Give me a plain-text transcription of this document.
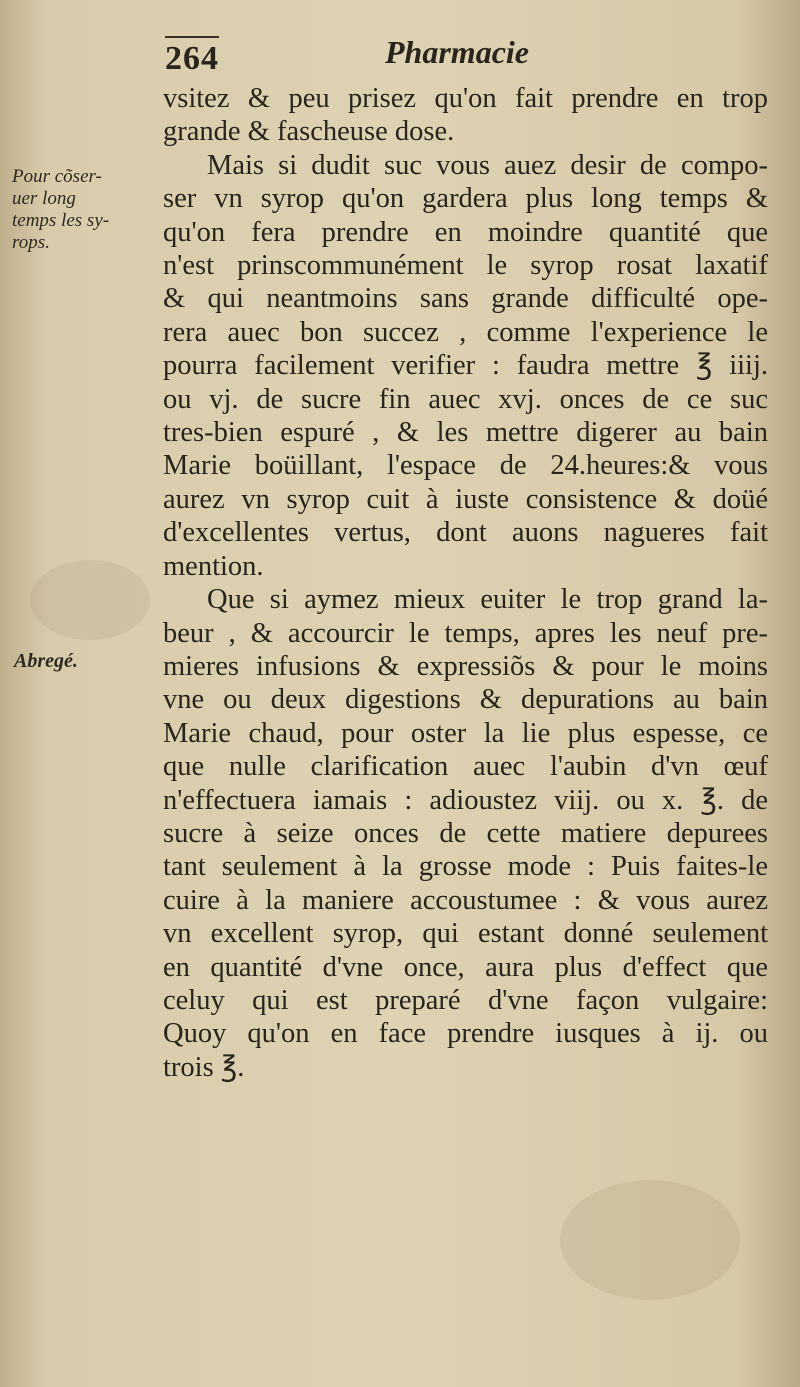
264	Pharmacie
Pour cõser-
uer long
temps les sy-
rops.
Abregé.
vsitez & peu prisez qu'on fait prendre en trop
grande & fascheuse dose.
Mais si dudit suc vous auez desir de compo-
ser vn syrop qu'on gardera plus long temps &
qu'on fera prendre en moindre quantité que
n'est prinscommunément le syrop rosat laxatif
& qui neantmoins sans grande difficulté ope-
rera auec bon succez , comme l'experience le
pourra facilement verifier : faudra mettre ℥ iiij.
ou vj. de sucre fin auec xvj. onces de ce suc
tres-bien espuré , & les mettre digerer au bain
Marie boüillant, l'espace de 24.heures:& vous
aurez vn syrop cuit à iuste consistence & doüé
d'excellentes vertus, dont auons nagueres fait
mention.
Que si aymez mieux euiter le trop grand la-
beur , & accourcir le temps, apres les neuf pre-
mieres infusions & expressiõs & pour le moins
vne ou deux digestions & depurations au bain
Marie chaud, pour oster la lie plus espesse, ce
que nulle clarification auec l'aubin d'vn œuf
n'effectuera iamais : adioustez viij. ou x. ℥. de
sucre à seize onces de cette matiere depurees
tant seulement à la grosse mode : Puis faites-le
cuire à la maniere accoustumee : & vous aurez
vn excellent syrop, qui estant donné seulement
en quantité d'vne once, aura plus d'effect que
celuy qui est preparé d'vne façon vulgaire:
Quoy qu'on en face prendre iusques à ij. ou
trois ℥.
